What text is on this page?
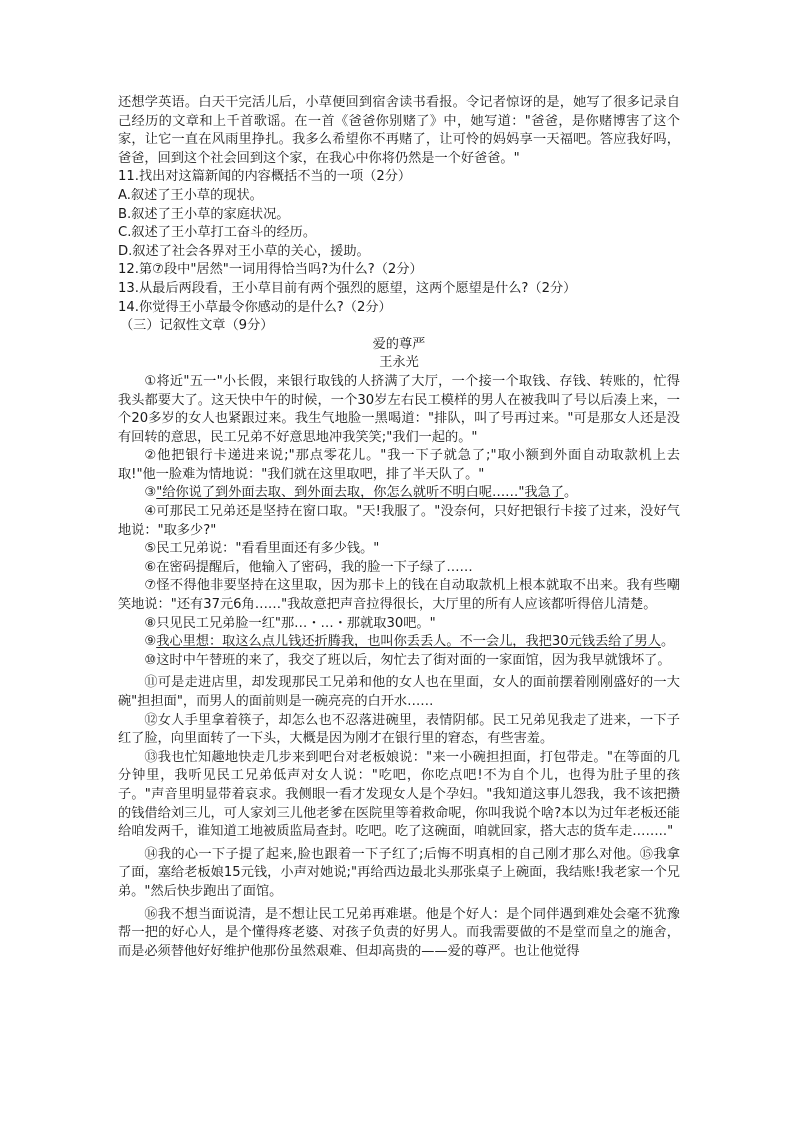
还想学英语。白天干完活儿后，小草便回到宿舍读书看报。令记者惊讶的是，她写了很多记录自己经历的文章和上千首歌谣。在一首《爸爸你别赌了》中，她写道："爸爸，是你赌博害了这个家，让它一直在风雨里挣扎。我多么希望你不再赌了，让可怜的妈妈享一天福吧。答应我好吗，爸爸，回到这个社会回到这个家，在我心中你将仍然是一个好爸爸。"
11.找出对这篇新闻的内容概括不当的一项（2分）
A.叙述了王小草的现状。
B.叙述了王小草的家庭状况。
C.叙述了王小草打工奋斗的经历。
D.叙述了社会各界对王小草的关心，援助。
12.第⑦段中"居然"一词用得恰当吗?为什么?（2分）
13.从最后两段看，王小草目前有两个强烈的愿望，这两个愿望是什么?（2分）
14.你觉得王小草最令你感动的是什么?（2分）
（三）记叙性文章（9分）
爱的尊严
王永光
①将近"五一"小长假，来银行取钱的人挤满了大厅，一个接一个取钱、存钱、转账的，忙得我头都要大了。这天快中午的时候，一个30岁左右民工模样的男人在被我叫了号以后凑上来，一个20多岁的女人也紧跟过来。我生气地脸一黑喝道："排队，叫了号再过来。"可是那女人还是没有回转的意思，民工兄弟不好意思地冲我笑笑;"我们一起的。"
②他把银行卡递进来说;"那点零花儿。"我一下子就急了;"取小额到外面自动取款机上去取!"他一脸难为情地说："我们就在这里取吧，排了半天队了。"
③"给你说了到外面去取、到外面去取，你怎么就听不明白呢……"我急了。
④可那民工兄弟还是坚持在窗口取。"天!我服了。"没奈何，只好把银行卡接了过来，没好气地说："取多少?"
⑤民工兄弟说："看看里面还有多少钱。"
⑥在密码提醒后，他输入了密码，我的脸一下子绿了……
⑦怪不得他非要坚持在这里取，因为那卡上的钱在自动取款机上根本就取不出来。我有些嘲笑地说："还有37元6角……"我故意把声音拉得很长，大厅里的所有人应该都听得倍儿清楚。
⑧只见民工兄弟脸一红"那…・…・那就取30吧。"
⑨我心里想：取这么点儿钱还折腾我，也叫你丢丢人。不一会儿，我把30元钱丢给了男人。
⑩这时中午替班的来了，我交了班以后，匆忙去了街对面的一家面馆，因为我早就饿坏了。
⑪可是走进店里，却发现那民工兄弟和他的女人也在里面，女人的面前摆着刚刚盛好的一大碗"担担面"，而男人的面前则是一碗亮亮的白开水……
⑫女人手里拿着筷子，却怎么也不忍落进碗里，表情阴郁。民工兄弟见我走了进来，一下子红了脸，向里面转了一下头，大概是因为刚才在银行里的窘态，有些害羞。
⑬我也忙知趣地快走几步来到吧台对老板娘说："来一小碗担担面，打包带走。"在等面的几分钟里，我听见民工兄弟低声对女人说："吃吧，你吃点吧!不为自个儿，也得为肚子里的孩子。"声音里明显带着哀求。我侧眼一看才发现女人是个孕妇。"我知道这事儿怨我，我不该把攒的钱借给刘三儿，可人家刘三儿他老爹在医院里等着救命呢，你叫我说个啥?本以为过年老板还能给咱发两千，谁知道工地被质监局查封。吃吧。吃了这碗面，咱就回家，搭大志的货车走…….."
⑭我的心一下子提了起来,脸也跟着一下子红了;后悔不明真相的自己刚才那么对他。⑮我拿了面，塞给老板娘15元钱，小声对她说;"再给西边最北头那张桌子上碗面，我结账!我老家一个兄弟。"然后快步跑出了面馆。
⑯我不想当面说清，是不想让民工兄弟再难堪。他是个好人：是个同伴遇到难处会毫不犹豫帮一把的好心人，是个懂得疼老婆、对孩子负责的好男人。而我需要做的不是堂而皇之的施舍，而是必须替他好好维护他那份虽然艰难、但却高贵的——爱的尊严。也让他觉得
